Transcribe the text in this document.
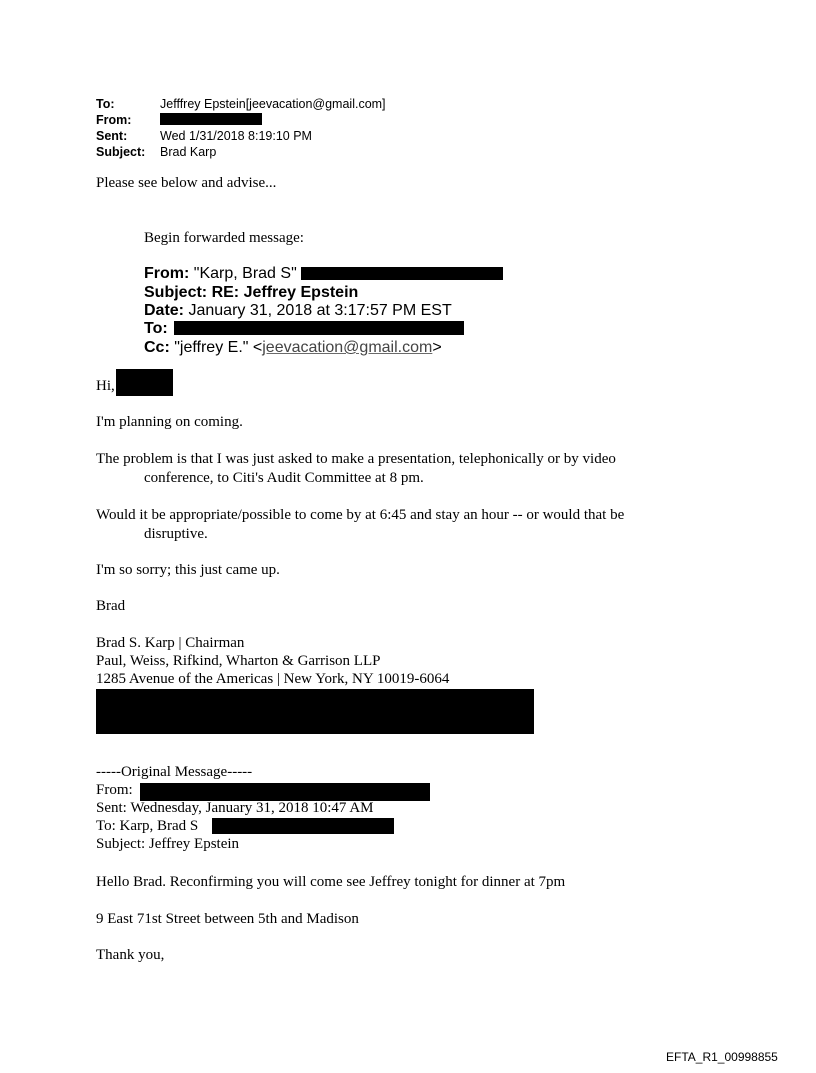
To:	Jefffrey Epstein[jeevacation@gmail.com]
From:
Sent:	Wed 1/31/2018 8:19:10 PM
Subject: Brad Karp
Please see below and advise...
Begin forwarded message:
From: "Karp, Brad S"
Subject: RE: Jeffrey Epstein
Date: January 31, 2018 at 3:17:57 PM EST
To:
Cc: "jeffrey E." <jeevacation@gmail.com>
Hi,
I'm planning on coming.
The problem is that I was just asked to make a presentation, telephonically or by video
conference, to Citi's Audit Committee at 8 pm.
Would it be appropriate/possible to come by at 6:45 and stay an hour -- or would that be
disruptive.
I'm so sorry; this just came up.
Brad
Brad S. Karp | Chairman
Paul, Weiss, Rifkind, Wharton & Garrison LLP
1285 Avenue of the Americas | New York, NY 10019-6064
-----Original Message-----
From:
Sent: Wednesday, January 31, 2018 10:47 AM
To: Karp, Brad S
Subject: Jeffrey Epstein
Hello Brad. Reconfirming you will come see Jeffrey tonight for dinner at 7pm
9 East 71st Street between 5th and Madison
Thank you,
EFTA_R1_00998855
